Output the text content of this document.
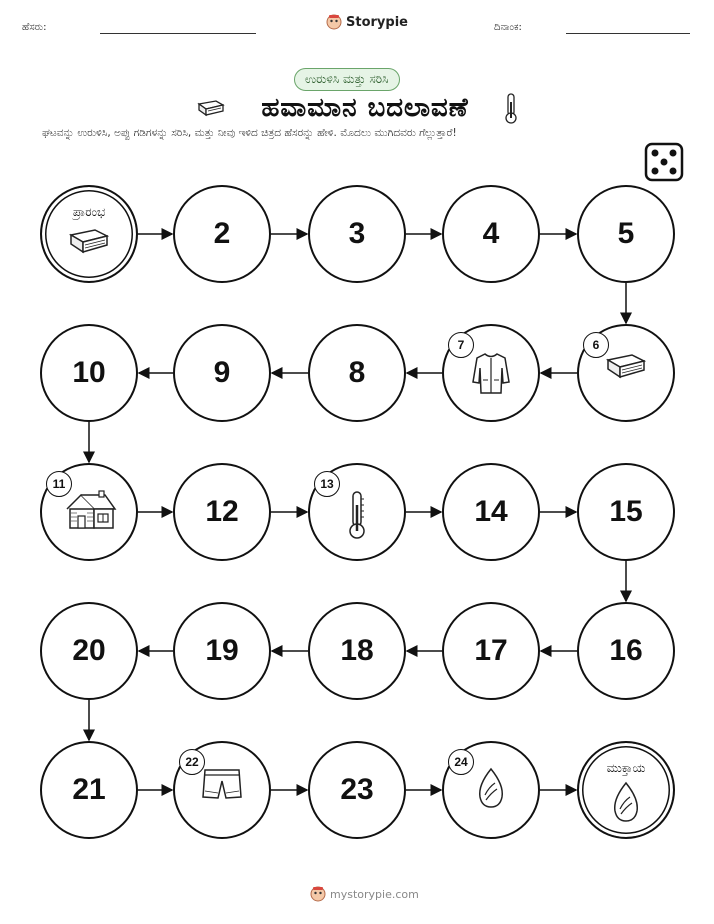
ಹೆಸರು:	Storypie	ದಿನಾಂಕ:
ಉರುಳಿಸಿ ಮತ್ತು ಸರಿಸಿ
ಹವಾಮಾನ ಬದಲಾವಣೆ
ಘಟವನ್ನು ಉರುಳಿಸಿ, ಅಪ್ಪು ಗಡಿಗಳನ್ನು ಸರಿಸಿ, ಮತ್ತು ನೀವು ಇಳಿದ ಚಿತ್ರದ ಹೆಸರನ್ನು ಹೇಳಿ. ಮೊದಲು ಮುಗಿದವರು ಗೆಲ್ಲುತ್ತಾರೆ!
ಪ್ರಾರಂಭ
2	3	4	5
6
7
8
9
10
11
12
13
14	15
16
17
18
19
20
21
22
23
24	ಮುಕ್ತಾಯ
mystorypie.com
